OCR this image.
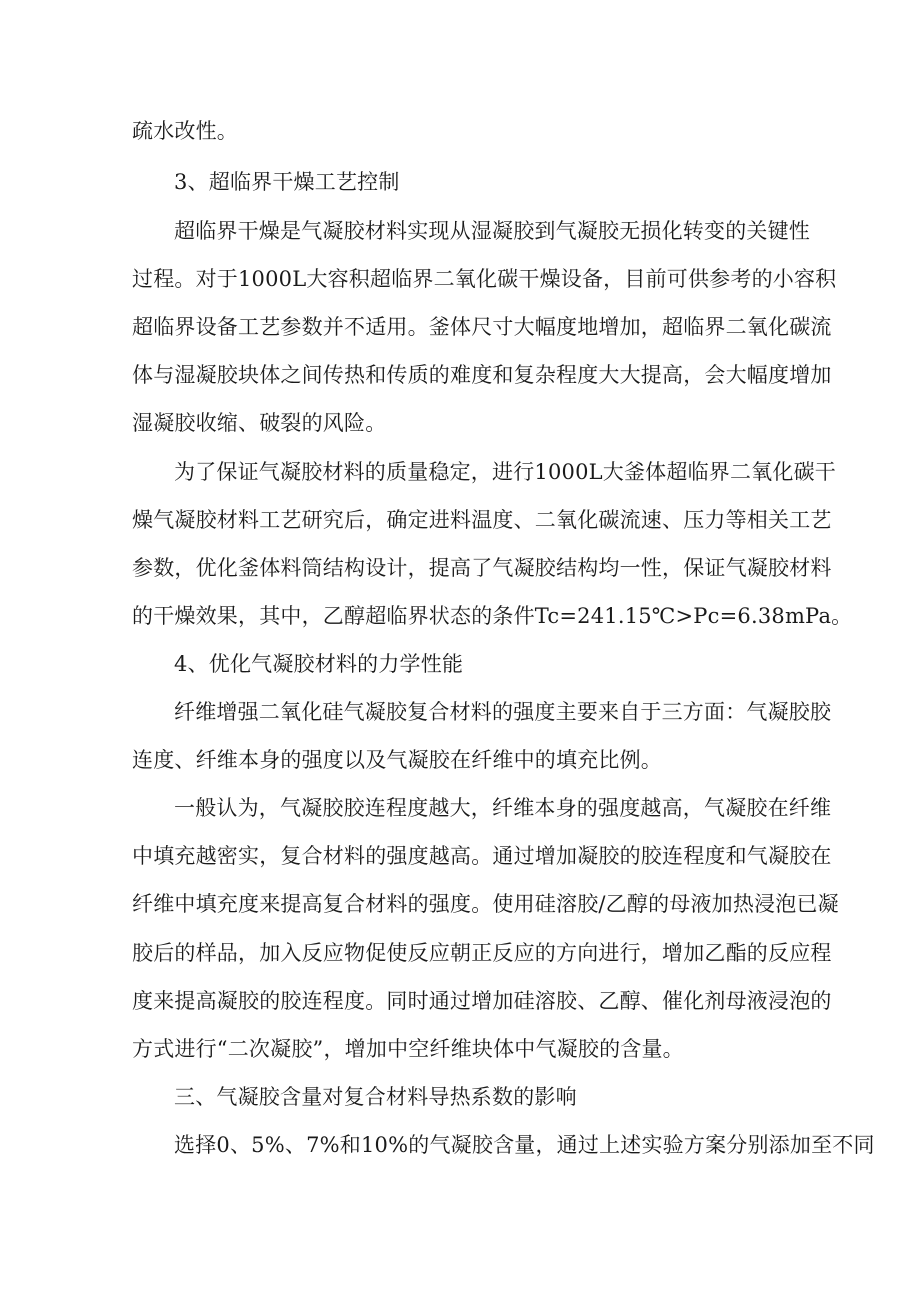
疏水改性。
3、超临界干燥工艺控制
超临界干燥是气凝胶材料实现从湿凝胶到气凝胶无损化转变的关键性
过程。对于1000L大容积超临界二氧化碳干燥设备，目前可供参考的小容积
超临界设备工艺参数并不适用。釜体尺寸大幅度地增加，超临界二氧化碳流
体与湿凝胶块体之间传热和传质的难度和复杂程度大大提高，会大幅度增加
湿凝胶收缩、破裂的风险。
为了保证气凝胶材料的质量稳定，进行1000L大釜体超临界二氧化碳干
燥气凝胶材料工艺研究后，确定进料温度、二氧化碳流速、压力等相关工艺
参数，优化釜体料筒结构设计，提高了气凝胶结构均一性，保证气凝胶材料
的干燥效果，其中，乙醇超临界状态的条件Tc=241.15℃>Pc=6.38mPa。
4、优化气凝胶材料的力学性能
纤维增强二氧化硅气凝胶复合材料的强度主要来自于三方面：气凝胶胶
连度、纤维本身的强度以及气凝胶在纤维中的填充比例。
一般认为，气凝胶胶连程度越大，纤维本身的强度越高，气凝胶在纤维
中填充越密实，复合材料的强度越高。通过增加凝胶的胶连程度和气凝胶在
纤维中填充度来提高复合材料的强度。使用硅溶胶/乙醇的母液加热浸泡已凝
胶后的样品，加入反应物促使反应朝正反应的方向进行，增加乙酯的反应程
度来提高凝胶的胶连程度。同时通过增加硅溶胶、乙醇、催化剂母液浸泡的
方式进行“二次凝胶”，增加中空纤维块体中气凝胶的含量。
三、气凝胶含量对复合材料导热系数的影响
选择0、5%、7%和10%的气凝胶含量，通过上述实验方案分别添加至不同
